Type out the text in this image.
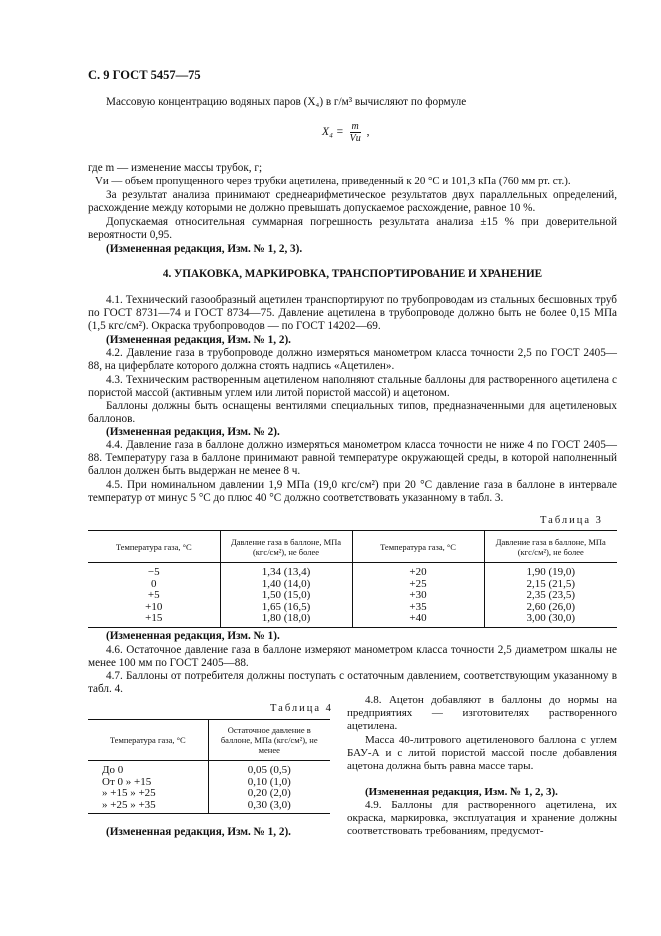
С. 9 ГОСТ 5457—75
Массовую концентрацию водяных паров (X₄) в г/м³ вычисляют по формуле
$X_4 = \frac{m}{Vи}$ ,
где m — изменение массы трубок, г;
Vи — объем пропущенного через трубки ацетилена, приведенный к 20 °С и 101,3 кПа (760 мм рт. ст.).
За результат анализа принимают среднеарифметическое результатов двух параллельных определений, расхождение между которыми не должно превышать допускаемое расхождение, равное 10 %.
Допускаемая относительная суммарная погрешность результата анализа ±15 % при доверительной вероятности 0,95.
(Измененная редакция, Изм. № 1, 2, 3).
4. УПАКОВКА, МАРКИРОВКА, ТРАНСПОРТИРОВАНИЕ И ХРАНЕНИЕ
4.1. Технический газообразный ацетилен транспортируют по трубопроводам из стальных бесшовных труб по ГОСТ 8731—74 и ГОСТ 8734—75. Давление ацетилена в трубопроводе должно быть не более 0,15 МПа (1,5 кгс/см²). Окраска трубопроводов — по ГОСТ 14202—69.
(Измененная редакция, Изм. № 1, 2).
4.2. Давление газа в трубопроводе должно измеряться манометром класса точности 2,5 по ГОСТ 2405—88, на циферблате которого должна стоять надпись «Ацетилен».
4.3. Техническим растворенным ацетиленом наполняют стальные баллоны для растворенного ацетилена с пористой массой (активным углем или литой пористой массой) и ацетоном.
Баллоны должны быть оснащены вентилями специальных типов, предназначенными для ацетиленовых баллонов.
(Измененная редакция, Изм. № 2).
4.4. Давление газа в баллоне должно измеряться манометром класса точности не ниже 4 по ГОСТ 2405—88. Температуру газа в баллоне принимают равной температуре окружающей среды, в которой наполненный баллон должен быть выдержан не менее 8 ч.
4.5. При номинальном давлении 1,9 МПа (19,0 кгс/см²) при 20 °С давление газа в баллоне в интервале температур от минус 5 °С до плюс 40 °С должно соответствовать указанному в табл. 3.
Таблица 3
Температура газа, °С	Давление газа в баллоне, МПа (кгс/см²), не более	Температура газа, °С	Давление газа в баллоне, МПа (кгс/см²), не более
−5	1,34 (13,4)	+20	1,90 (19,0)
0	1,40 (14,0)	+25	2,15 (21,5)
+5	1,50 (15,0)	+30	2,35 (23,5)
+10	1,65 (16,5)	+35	2,60 (26,0)
+15	1,80 (18,0)	+40	3,00 (30,0)
(Измененная редакция, Изм. № 1).
4.6. Остаточное давление газа в баллоне измеряют манометром класса точности 2,5 диаметром шкалы не менее 100 мм по ГОСТ 2405—88.
4.7. Баллоны от потребителя должны поступать с остаточным давлением, соответствующим указанному в табл. 4.
Таблица 4
Температура газа, °С	Остаточное давление в баллоне, МПа (кгс/см²), не менее
До 0	0,05 (0,5)
От 0 » +15	0,10 (1,0)
» +15 » +25	0,20 (2,0)
» +25 » +35	0,30 (3,0)
(Измененная редакция, Изм. № 1, 2).
4.8. Ацетон добавляют в баллоны до нормы на предприятиях — изготовителях растворенного ацетилена.
Масса 40-литрового ацетиленового баллона с углем БАУ-А и с литой пористой массой после добавления ацетона должна быть равна массе тары.
(Измененная редакция, Изм. № 1, 2, 3).
4.9. Баллоны для растворенного ацетилена, их окраска, маркировка, эксплуатация и хранение должны соответствовать требованиям, предусмот-
